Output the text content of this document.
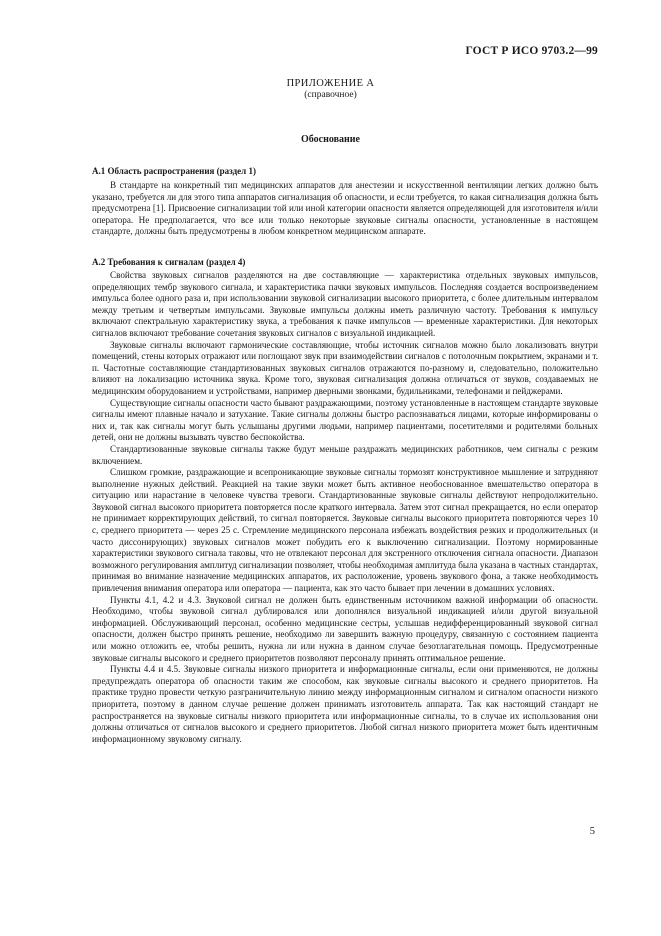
ГОСТ Р ИСО 9703.2—99
ПРИЛОЖЕНИЕ А
(справочное)
Обоснование
А.1 Область распространения (раздел 1)

В стандарте на конкретный тип медицинских аппаратов для анестезии и искусственной вентиляции легких должно быть указано, требуется ли для этого типа аппаратов сигнализация об опасности, и если требуется, то какая сигнализация должна быть предусмотрена [1]. Присвоение сигнализации той или иной категории опасности является определяющей для изготовителя и/или оператора. Не предполагается, что все или только некоторые звуковые сигналы опасности, установленные в настоящем стандарте, должны быть предусмотрены в любом конкретном медицинском аппарате.

А.2 Требования к сигналам (раздел 4)

Свойства звуковых сигналов разделяются на две составляющие — характеристика отдельных звуковых импульсов, определяющих тембр звукового сигнала, и характеристика пачки звуковых импульсов. Последняя создается воспроизведением импульса более одного раза и, при использовании звуковой сигнализации высокого приоритета, с более длительным интервалом между третьим и четвертым импульсами. Звуковые импульсы должны иметь различную частоту. Требования к импульсу включают спектральную характеристику звука, а требования к пачке импульсов — временные характеристики. Для некоторых сигналов включают требование сочетания звуковых сигналов с визуальной индикацией.

Звуковые сигналы включают гармонические составляющие, чтобы источник сигналов можно было локализовать внутри помещений, стены которых отражают или поглощают звук при взаимодействии сигналов с потолочным покрытием, экранами и т. п. Частотные составляющие стандартизованных звуковых сигналов отражаются по-разному и, следовательно, положительно влияют на локализацию источника звука. Кроме того, звуковая сигнализация должна отличаться от звуков, создаваемых не медицинским оборудованием и устройствами, например дверными звонками, будильниками, телефонами и пейджерами.

Существующие сигналы опасности часто бывают раздражающими, поэтому установленные в настоящем стандарте звуковые сигналы имеют плавные начало и затухание. Такие сигналы должны быстро распознаваться лицами, которые информированы о них и, так как сигналы могут быть услышаны другими людьми, например пациентами, посетителями и родителями больных детей, они не должны вызывать чувство беспокойства.

Стандартизованные звуковые сигналы также будут меньше раздражать медицинских работников, чем сигналы с резким включением.

Слишком громкие, раздражающие и всепроникающие звуковые сигналы тормозят конструктивное мышление и затрудняют выполнение нужных действий. Реакцией на такие звуки может быть активное необоснованное вмешательство оператора в ситуацию или нарастание в человеке чувства тревоги. Стандартизованные звуковые сигналы действуют непродолжительно. Звуковой сигнал высокого приоритета повторяется после краткого интервала. Затем этот сигнал прекращается, но если оператор не принимает корректирующих действий, то сигнал повторяется. Звуковые сигналы высокого приоритета повторяются через 10 с, среднего приоритета — через 25 с. Стремление медицинского персонала избежать воздействия резких и продолжительных (и часто диссонирующих) звуковых сигналов может побудить его к выключению сигнализации. Поэтому нормированные характеристики звукового сигнала таковы, что не отвлекают персонал для экстренного отключения сигнала опасности. Диапазон возможного регулирования амплитуд сигнализации позволяет, чтобы необходимая амплитуда была указана в частных стандартах, принимая во внимание назначение медицинских аппаратов, их расположение, уровень звукового фона, а также необходимость привлечения внимания оператора или оператора — пациента, как это часто бывает при лечении в домашних условиях.

Пункты 4.1, 4.2 и 4.3. Звуковой сигнал не должен быть единственным источником важной информации об опасности. Необходимо, чтобы звуковой сигнал дублировался или дополнялся визуальной индикацией и/или другой визуальной информацией. Обслуживающий персонал, особенно медицинские сестры, услышав недифференцированный звуковой сигнал опасности, должен быстро принять решение, необходимо ли завершить важную процедуру, связанную с состоянием пациента или можно отложить ее, чтобы решить, нужна ли или нужна в данном случае безотлагательная помощь. Предусмотренные звуковые сигналы высокого и среднего приоритетов позволяют персоналу принять оптимальное решение.

Пункты 4.4 и 4.5. Звуковые сигналы низкого приоритета и информационные сигналы, если они применяются, не должны предупреждать оператора об опасности таким же способом, как звуковые сигналы высокого и среднего приоритетов. На практике трудно провести четкую разграничительную линию между информационным сигналом и сигналом опасности низкого приоритета, поэтому в данном случае решение должен принимать изготовитель аппарата. Так как настоящий стандарт не распространяется на звуковые сигналы низкого приоритета или информационные сигналы, то в случае их использования они должны отличаться от сигналов высокого и среднего приоритетов. Любой сигнал низкого приоритета может быть идентичным информационному звуковому сигналу.

5
